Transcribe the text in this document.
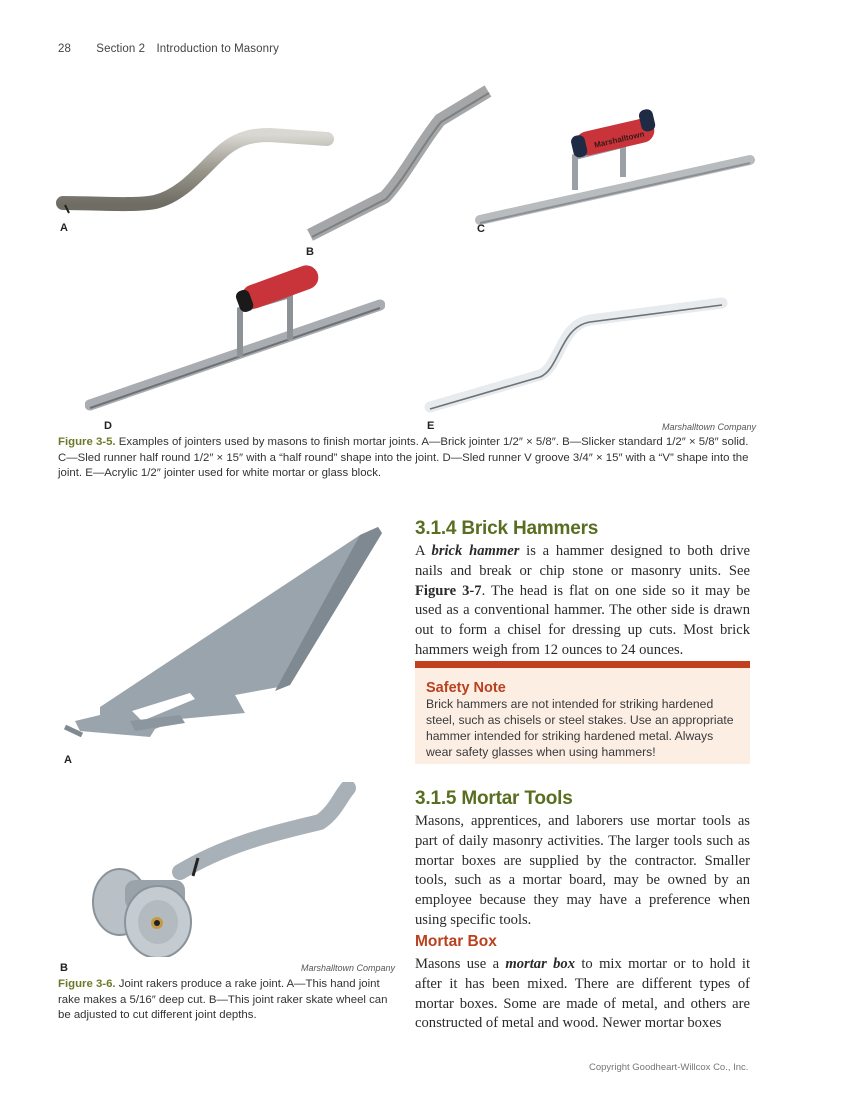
28 Section 2 Introduction to Masonry
A
B
Marshalltown
C
D	E	Marshalltown Company
Figure 3-5. Examples of jointers used by masons to finish mortar joints. A—Brick jointer 1/2″ × 5/8″. B—Slicker standard 1/2″ × 5/8″ solid. C—Sled runner half round 1/2″ × 15″ with a “half round” shape into the joint. D—Sled runner V groove 3/4″ × 15″ with a “V” shape into the joint. E—Acrylic 1/2″ jointer used for white mortar or glass block.
A
B	Marshalltown Company
Figure 3-6. Joint rakers produce a rake joint. A—This hand joint rake makes a 5/16″ deep cut. B—This joint raker skate wheel can be adjusted to cut different joint depths.
3.1.4 Brick Hammers
A brick hammer is a hammer designed to both drive nails and break or chip stone or masonry units. See Figure 3-7. The head is flat on one side so it may be used as a conventional hammer. The other side is drawn out to form a chisel for dressing up cuts. Most brick hammers weigh from 12 ounces to 24 ounces.
Safety Note
Brick hammers are not intended for striking hardened steel, such as chisels or steel stakes. Use an appropriate hammer intended for striking hardened metal. Always wear safety glasses when using hammers!
3.1.5 Mortar Tools
Masons, apprentices, and laborers use mortar tools as part of daily masonry activities. The larger tools such as mortar boxes are supplied by the contractor. Smaller tools, such as a mortar board, may be owned by an employee because they may have a preference when using specific tools.
Mortar Box
Masons use a mortar box to mix mortar or to hold it after it has been mixed. There are different types of mortar boxes. Some are made of metal, and others are constructed of metal and wood. Newer mortar boxes
Copyright Goodheart-Willcox Co., Inc.
